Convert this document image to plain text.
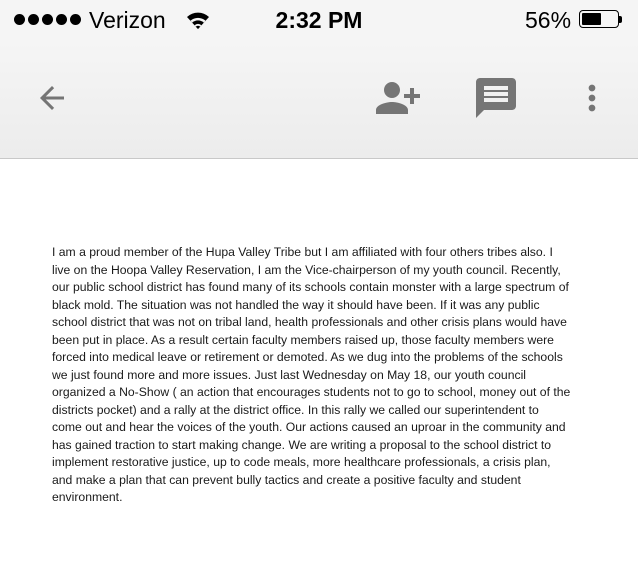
Verizon	2:32 PM	56%
I am a proud member of the Hupa Valley Tribe but I am affiliated with four others tribes also. I
live on the Hoopa Valley Reservation, I am the Vice-chairperson of my youth council. Recently,
our public school district has found many of its schools contain monster with a large spectrum of
black mold. The situation was not handled the way it should have been. If it was any public
school district that was not on tribal land, health professionals and other crisis plans would have
been put in place. As a result certain faculty members raised up, those faculty members were
forced into medical leave or retirement or demoted. As we dug into the problems of the schools
we just found more and more issues. Just last Wednesday on May 18, our youth council
organized a No-Show ( an action that encourages students not to go to school, money out of the
districts pocket) and a rally at the district office. In this rally we called our superintendent to
come out and hear the voices of the youth. Our actions caused an uproar in the community and
has gained traction to start making change. We are writing a proposal to the school district to
implement restorative justice, up to code meals, more healthcare professionals, a crisis plan,
and make a plan that can prevent bully tactics and create a positive faculty and student
environment.
